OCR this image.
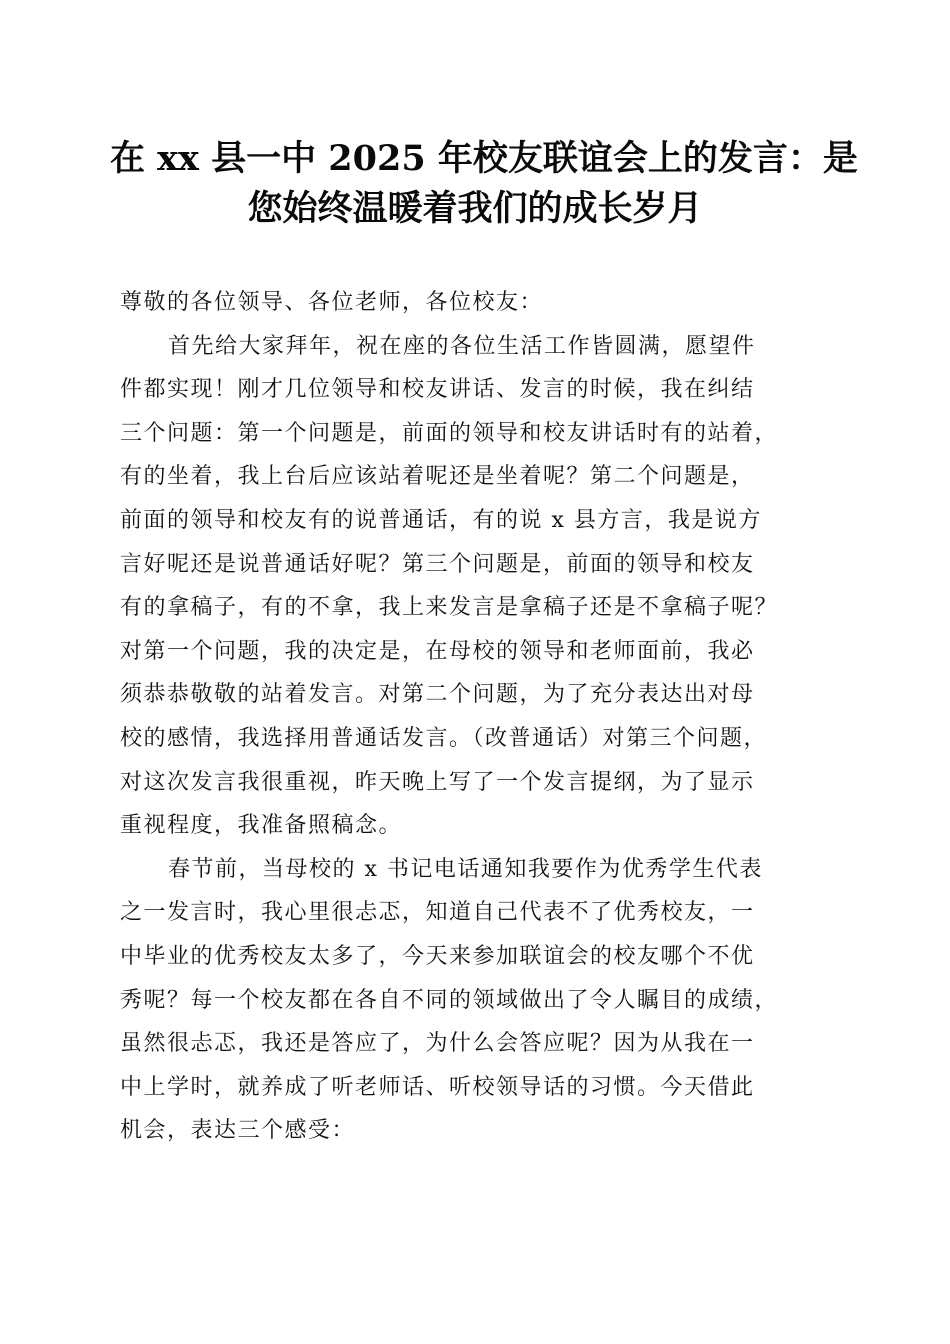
在 xx 县一中 2025 年校友联谊会上的发言：是
您始终温暖着我们的成长岁月
尊敬的各位领导、各位老师，各位校友：
首先给大家拜年，祝在座的各位生活工作皆圆满，愿望件
件都实现！刚才几位领导和校友讲话、发言的时候，我在纠结
三个问题：第一个问题是，前面的领导和校友讲话时有的站着，
有的坐着，我上台后应该站着呢还是坐着呢？第二个问题是，
前面的领导和校友有的说普通话，有的说 x 县方言，我是说方
言好呢还是说普通话好呢？第三个问题是，前面的领导和校友
有的拿稿子，有的不拿，我上来发言是拿稿子还是不拿稿子呢？
对第一个问题，我的决定是，在母校的领导和老师面前，我必
须恭恭敬敬的站着发言。对第二个问题，为了充分表达出对母
校的感情，我选择用普通话发言。（改普通话）对第三个问题，
对这次发言我很重视，昨天晚上写了一个发言提纲，为了显示
重视程度，我准备照稿念。
春节前，当母校的 x 书记电话通知我要作为优秀学生代表
之一发言时，我心里很忐忑，知道自己代表不了优秀校友，一
中毕业的优秀校友太多了，今天来参加联谊会的校友哪个不优
秀呢？每一个校友都在各自不同的领域做出了令人瞩目的成绩，
虽然很忐忑，我还是答应了，为什么会答应呢？因为从我在一
中上学时，就养成了听老师话、听校领导话的习惯。今天借此
机会，表达三个感受：
